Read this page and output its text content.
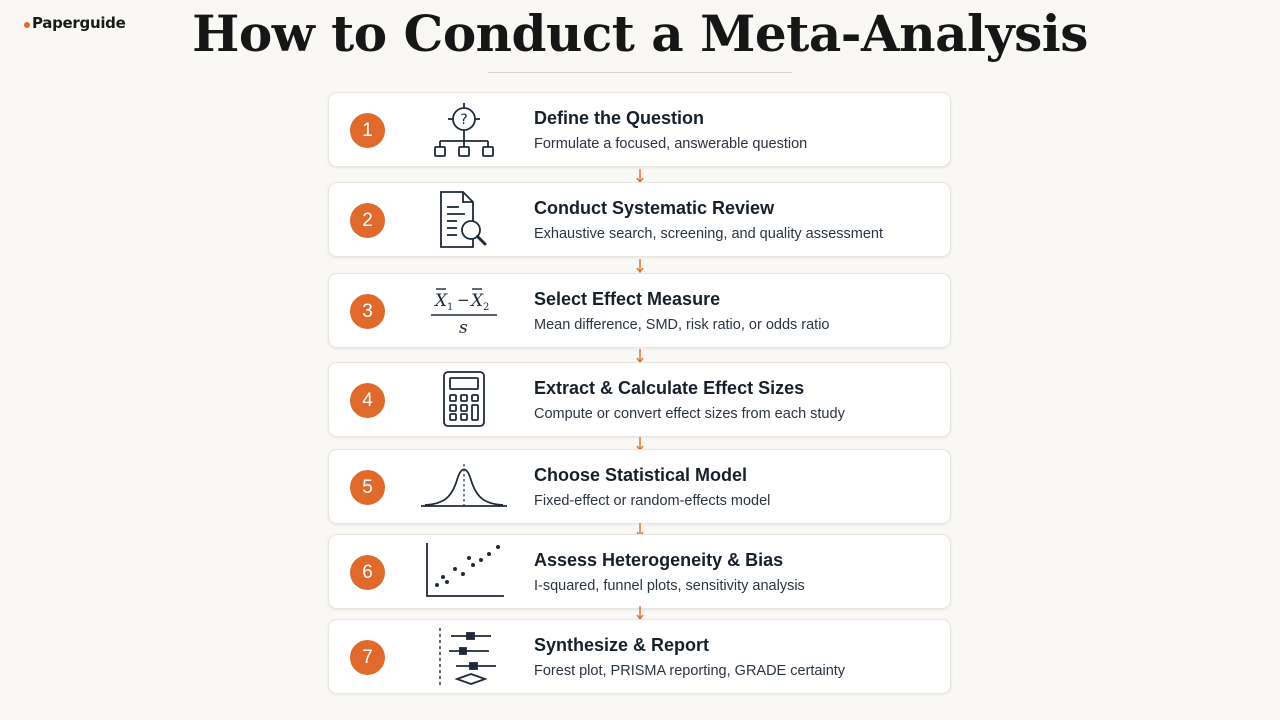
Paperguide	How to Conduct a Meta-Analysis
1	?	Define the Question
Formulate a focused, answerable question
2
Conduct Systematic Review
Exhaustive search, screening, and quality assessment
3	X 1 − X 2
s
Select Effect Measure
Mean difference, SMD, risk ratio, or odds ratio
4
Extract & Calculate Effect Sizes
Compute or convert effect sizes from each study
5
Choose Statistical Model
Fixed-effect or random-effects model
6
Assess Heterogeneity & Bias
I-squared, funnel plots, sensitivity analysis
7
Synthesize & Report
Forest plot, PRISMA reporting, GRADE certainty
